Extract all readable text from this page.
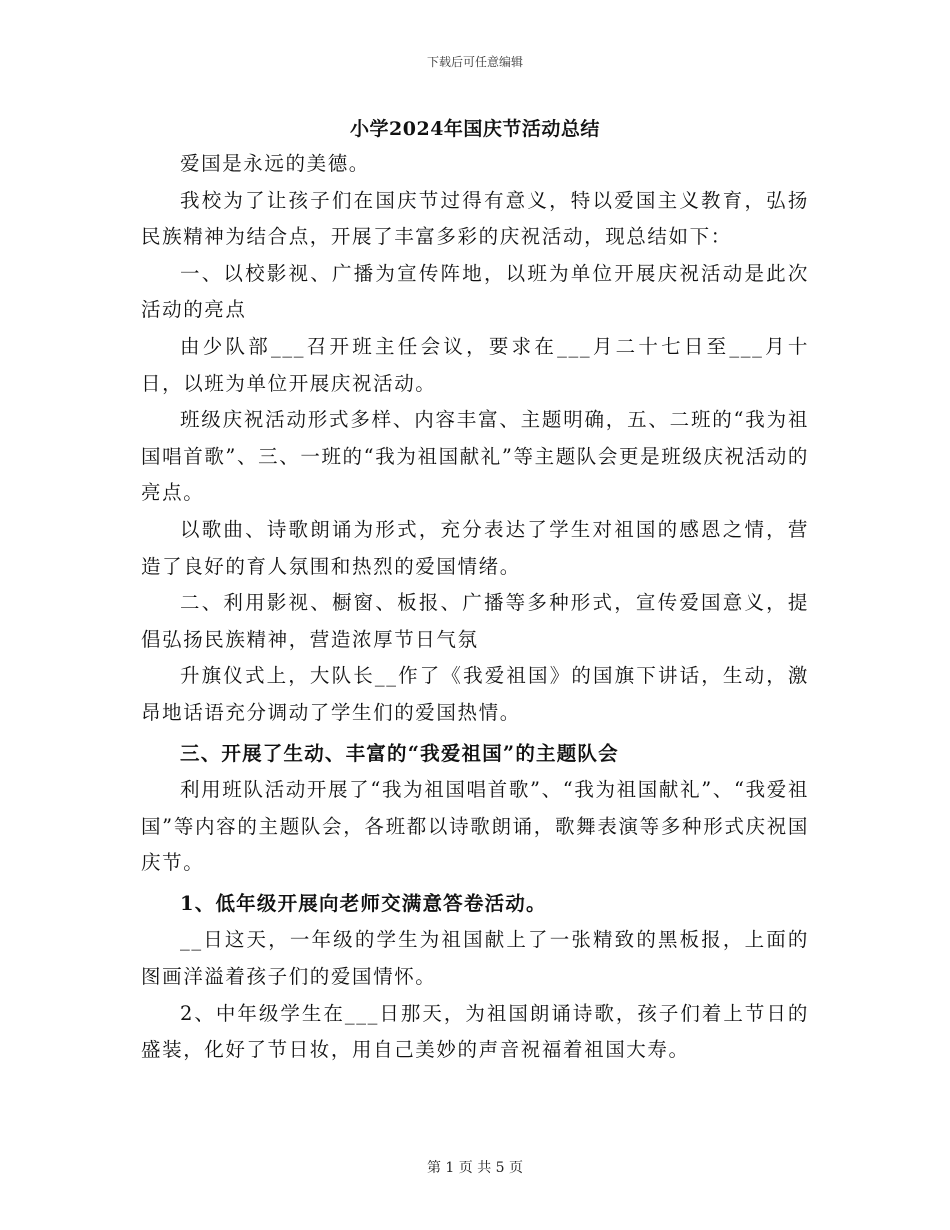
下载后可任意编辑
小学2024年国庆节活动总结

爱国是永远的美德。

我校为了让孩子们在国庆节过得有意义，特以爱国主义教育，弘扬民族精神为结合点，开展了丰富多彩的庆祝活动，现总结如下：

一、以校影视、广播为宣传阵地，以班为单位开展庆祝活动是此次活动的亮点

由少队部___召开班主任会议，要求在___月二十七日至___月十日，以班为单位开展庆祝活动。

班级庆祝活动形式多样、内容丰富、主题明确，五、二班的“我为祖国唱首歌”、三、一班的“我为祖国献礼”等主题队会更是班级庆祝活动的亮点。

以歌曲、诗歌朗诵为形式，充分表达了学生对祖国的感恩之情，营造了良好的育人氛围和热烈的爱国情绪。

二、利用影视、橱窗、板报、广播等多种形式，宣传爱国意义，提倡弘扬民族精神，营造浓厚节日气氛

升旗仪式上，大队长__作了《我爱祖国》的国旗下讲话，生动，激昂地话语充分调动了学生们的爱国热情。

三、开展了生动、丰富的“我爱祖国”的主题队会

利用班队活动开展了“我为祖国唱首歌”、“我为祖国献礼”、“我爱祖国”等内容的主题队会，各班都以诗歌朗诵，歌舞表演等多种形式庆祝国庆节。

1、低年级开展向老师交满意答卷活动。

__日这天，一年级的学生为祖国献上了一张精致的黑板报，上面的图画洋溢着孩子们的爱国情怀。

2、中年级学生在___日那天，为祖国朗诵诗歌，孩子们着上节日的盛装，化好了节日妆，用自己美妙的声音祝福着祖国大寿。

第 1 页 共 5 页
